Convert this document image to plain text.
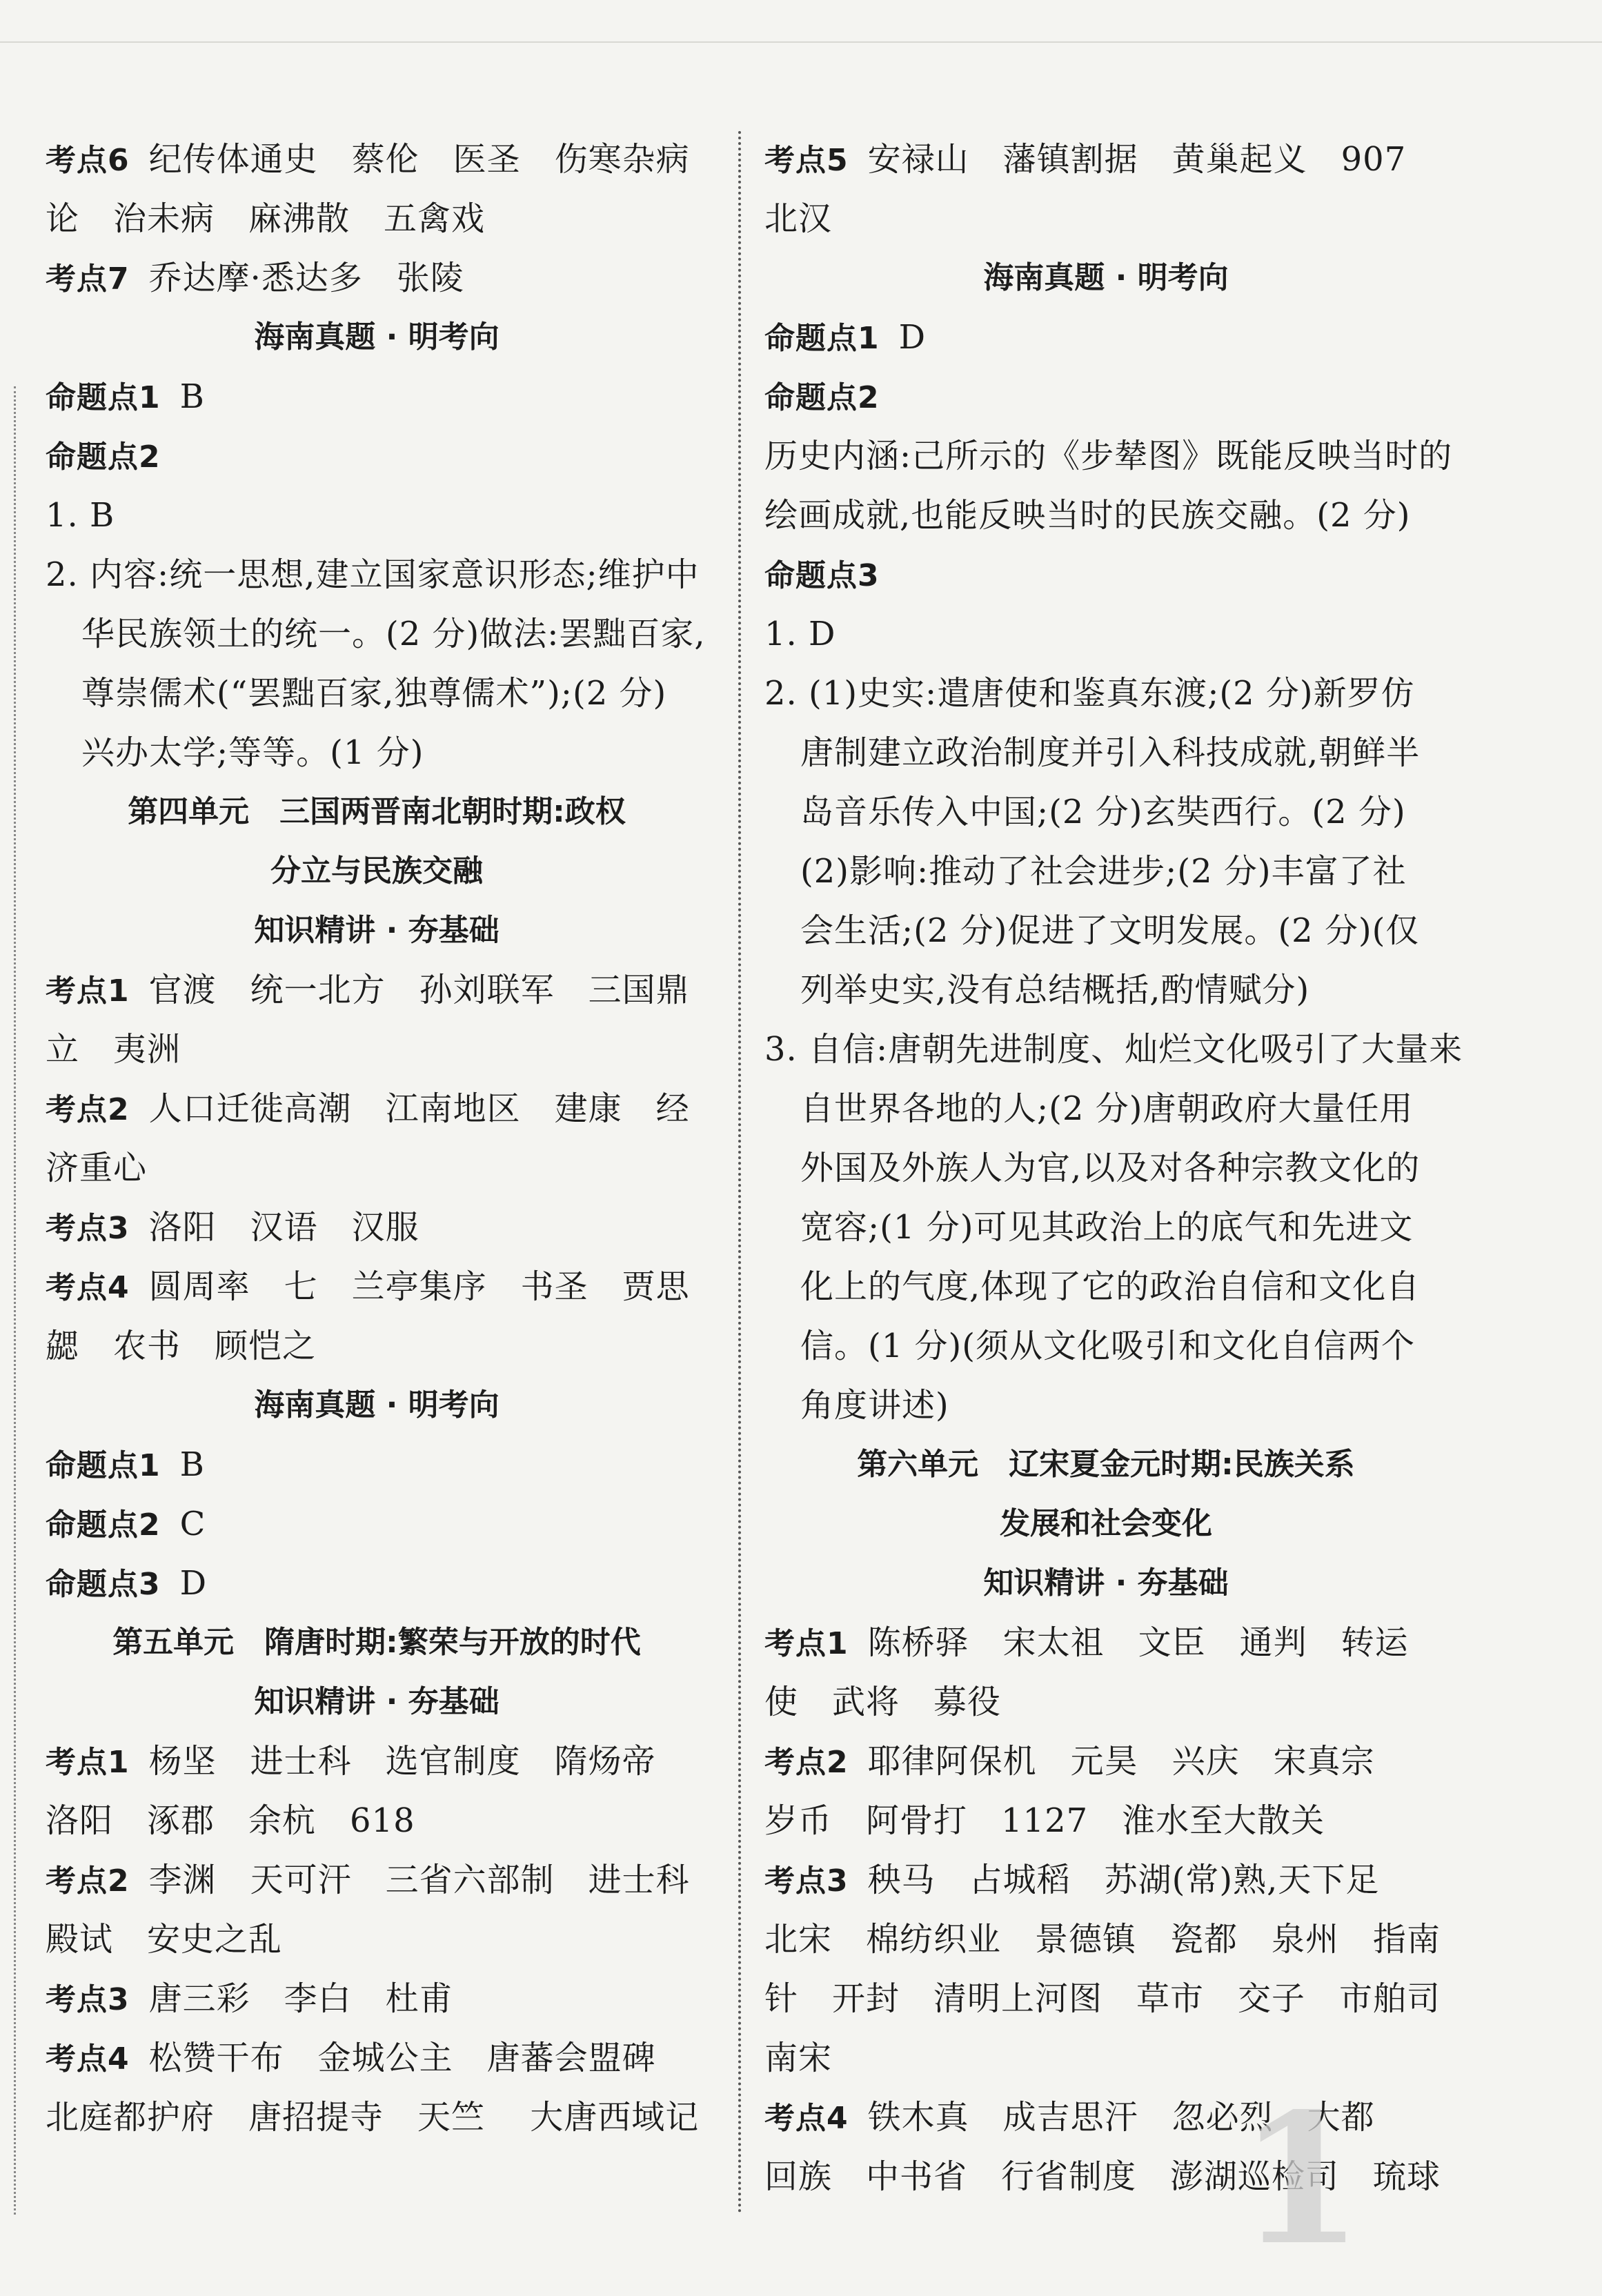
考点6 纪传体通史　蔡伦　医圣　伤寒杂病
论　治未病　麻沸散　五禽戏
考点7 乔达摩·悉达多　张陵
海南真题 · 明考向
命题点1 B
命题点2
1. B
2. 内容:统一思想,建立国家意识形态;维护中
华民族领土的统一。(2 分)做法:罢黜百家,
尊崇儒术(“罢黜百家,独尊儒术”);(2 分)
兴办太学;等等。(1 分)
第四单元　三国两晋南北朝时期:政权
分立与民族交融
知识精讲 · 夯基础
考点1 官渡　统一北方　孙刘联军　三国鼎
立　夷洲
考点2 人口迁徙高潮　江南地区　建康　经
济重心
考点3 洛阳　汉语　汉服
考点4 圆周率　七　兰亭集序　书圣　贾思
勰　农书　顾恺之
海南真题 · 明考向
命题点1 B
命题点2 C
命题点3 D
第五单元　隋唐时期:繁荣与开放的时代
知识精讲 · 夯基础
考点1 杨坚　进士科　选官制度　隋炀帝
洛阳　涿郡　余杭　618
考点2 李渊　天可汗　三省六部制　进士科
殿试　安史之乱
考点3 唐三彩　李白　杜甫
考点4 松赞干布　金城公主　唐蕃会盟碑
北庭都护府　唐招提寺　天竺　 大唐西域记
考点5 安禄山　藩镇割据　黄巢起义　907
北汉
海南真题 · 明考向
命题点1 D
命题点2
历史内涵:己所示的《步辇图》既能反映当时的
绘画成就,也能反映当时的民族交融。(2 分)
命题点3
1. D
2. (1)史实:遣唐使和鉴真东渡;(2 分)新罗仿
唐制建立政治制度并引入科技成就,朝鲜半
岛音乐传入中国;(2 分)玄奘西行。(2 分)
(2)影响:推动了社会进步;(2 分)丰富了社
会生活;(2 分)促进了文明发展。(2 分)(仅
列举史实,没有总结概括,酌情赋分)
3. 自信:唐朝先进制度、灿烂文化吸引了大量来
自世界各地的人;(2 分)唐朝政府大量任用
外国及外族人为官,以及对各种宗教文化的
宽容;(1 分)可见其政治上的底气和先进文
化上的气度,体现了它的政治自信和文化自
信。(1 分)(须从文化吸引和文化自信两个
角度讲述)
第六单元　辽宋夏金元时期:民族关系
发展和社会变化
知识精讲 · 夯基础
考点1 陈桥驿　宋太祖　文臣　通判　转运
使　武将　募役
考点2 耶律阿保机　元昊　兴庆　宋真宗
岁币　阿骨打　1127　淮水至大散关
考点3 秧马　占城稻　苏湖(常)熟,天下足
北宋　棉纺织业　景德镇　瓷都　泉州　指南
针　开封　清明上河图　草市　交子　市舶司
南宋
考点4 铁木真　成吉思汗　忽必烈　大都
回族　中书省　行省制度　澎湖巡检司　琉球
1
